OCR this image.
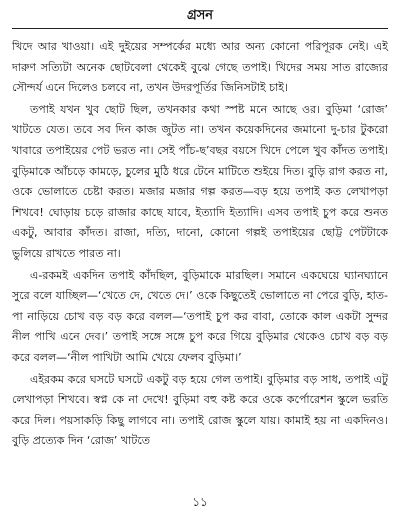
গ্রসন

খিদে আর খাওয়া। এই দুইয়ের সম্পর্কের মধ্যে আর অন্য কোনো পরিপূরক নেই। এই দারুণ সত্যিটা অনেক ছোটবেলা থেকেই বুঝে গেছে তপাই। খিদের সময় সাত রাজ্যের সৌন্দর্য এনে দিলেও চলবে না, তখন উদরপূর্তির জিনিসটাই চাই।

তপাই যখন খুব ছোট ছিল, তখনকার কথা স্পষ্ট মনে আছে ওর। বুড়িমা ‘রোজ’ খাটতে যেত। তবে সব দিন কাজ জুটত না। তখন কয়েকদিনের জমানো দু-চার টুকরো খাবারে তপাইয়ের পেট ভরত না। সেই পাঁচ-ছ’বছর বয়সে খিদে পেলে খুব কাঁদত তপাই। বুড়িমাকে আঁচড়ে কামড়ে, চুলের মুঠি ধরে টেনে মাটিতে শুইয়ে দিত। বুড়ি রাগ করত না, ওকে ভোলাতে চেষ্টা করত। মজার মজার গল্প করত—বড় হয়ে তপাই কত লেখাপড়া শিখবে! ঘোড়ায় চড়ে রাজার কাছে যাবে, ইত্যাদি ইত্যাদি। এসব তপাই চুপ করে শুনত একটু, আবার কাঁদত। রাজা, দত্যি, দানো, কোনো গল্পই তপাইয়ের ছোট্ট পেটটাকে ভুলিয়ে রাখতে পারত না।

এ-রকমই একদিন তপাই কাঁদছিল, বুড়িমাকে মারছিল। সমানে একঘেয়ে ঘ্যানঘ্যানে সুরে বলে যাচ্ছিল—‘খেতে দে, খেতে দে।’ ওকে কিছুতেই ভোলাতে না পেরে বুড়ি, হাত-পা নাড়িয়ে চোখ বড় বড় করে বলল—‘তপাই চুপ কর বাবা, তোকে কাল একটা সুন্দর নীল পাখি এনে দেব।’ তপাই সঙ্গে সঙ্গে চুপ করে গিয়ে বুড়িমার থেকেও চোখ বড় বড় করে বলল—‘নীল পাখিটা আমি খেয়ে ফেলব বুড়িমা।’

এইরকম করে ঘসটে ঘসটে একটু বড় হয়ে গেল তপাই। বুড়িমার বড় সাধ, তপাই এটু লেখাপড়া শিখবে। স্বপ্ন কে না দেখে! বুড়িমা বহু কষ্ট করে ওকে কর্পোরেশন স্কুলে ভরতি করে দিল। পয়সাকড়ি কিছু লাগবে না। তপাই রোজ স্কুলে যায়। কামাই হয় না একদিনও। বুড়ি প্রত্যেক দিন ‘রোজ’ খাটতে

১১
